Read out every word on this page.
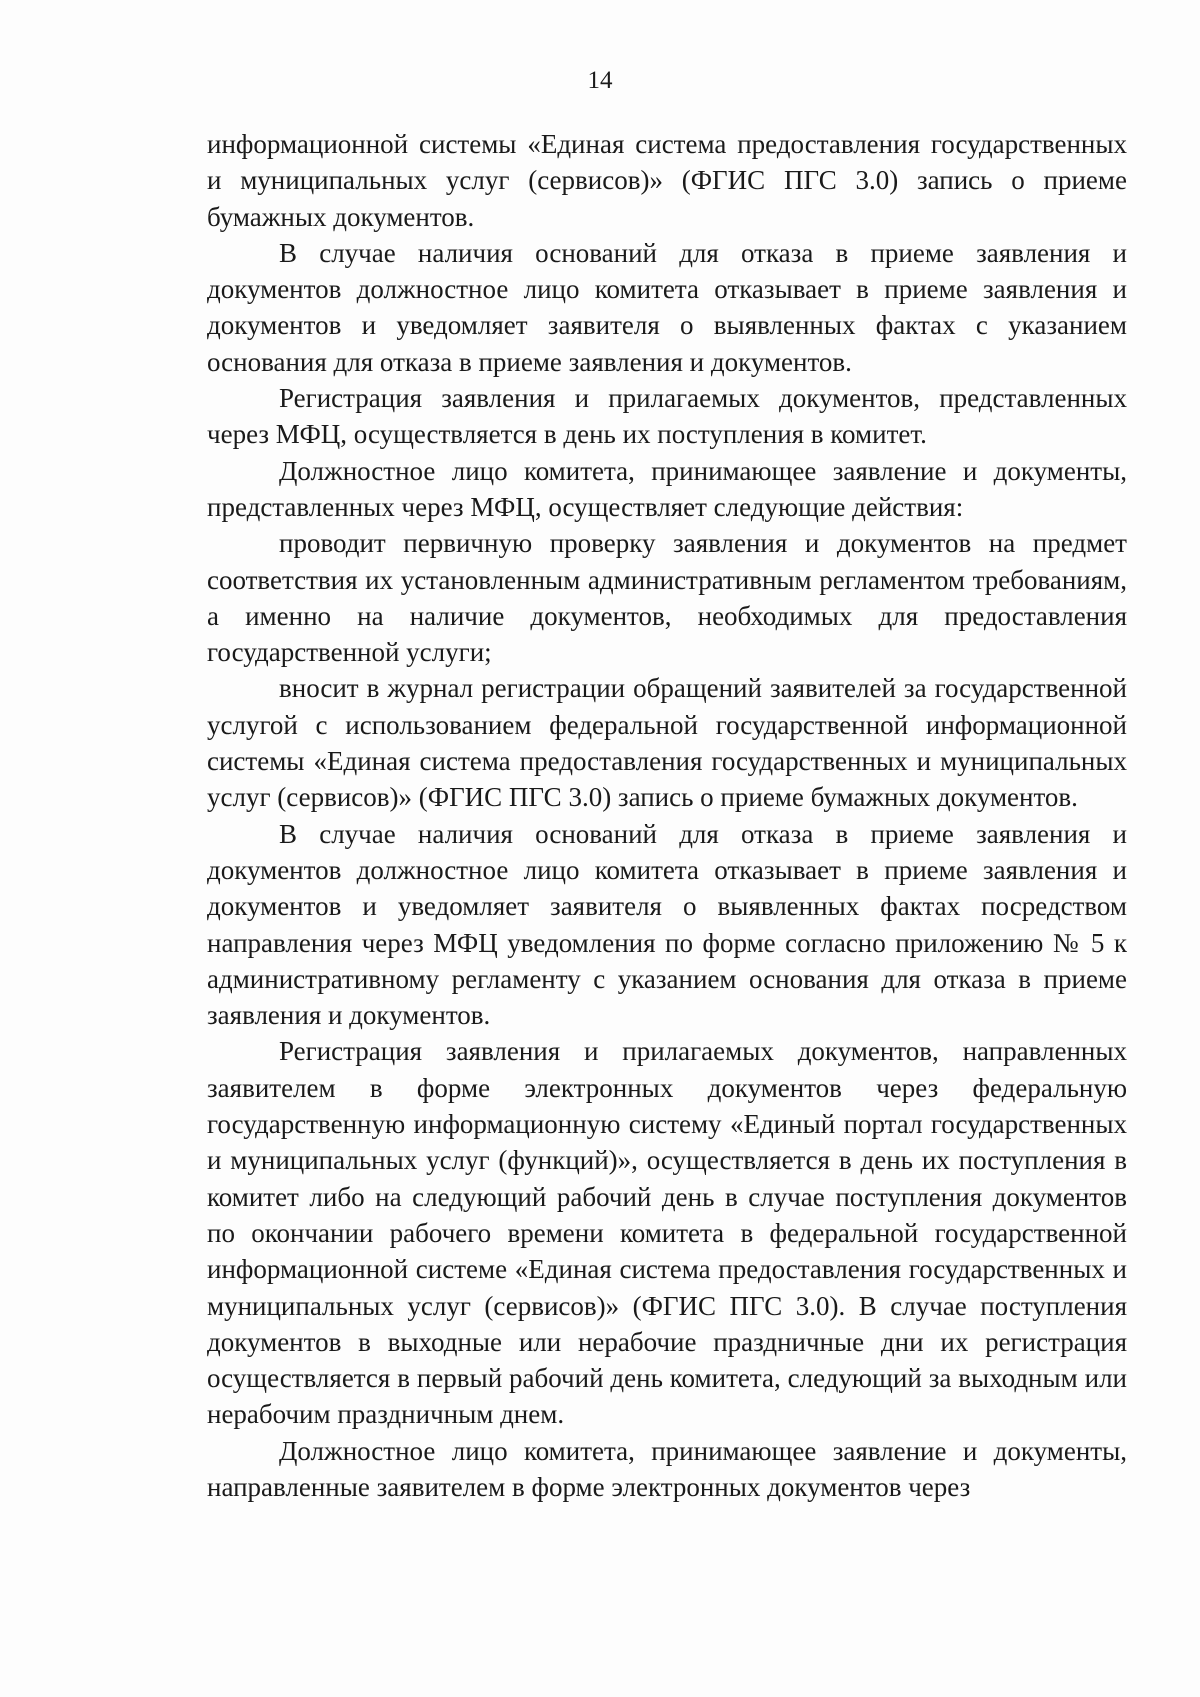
14

информационной системы «Единая система предоставления государственных и муниципальных услуг (сервисов)» (ФГИС ПГС 3.0) запись о приеме бумажных документов.

В случае наличия оснований для отказа в приеме заявления и документов должностное лицо комитета отказывает в приеме заявления и документов и уведомляет заявителя о выявленных фактах с указанием основания для отказа в приеме заявления и документов.

Регистрация заявления и прилагаемых документов, представленных через МФЦ, осуществляется в день их поступления в комитет.

Должностное лицо комитета, принимающее заявление и документы, представленных через МФЦ, осуществляет следующие действия:

проводит первичную проверку заявления и документов на предмет соответствия их установленным административным регламентом требованиям, а именно на наличие документов, необходимых для предоставления государственной услуги;

вносит в журнал регистрации обращений заявителей за государственной услугой с использованием федеральной государственной информационной системы «Единая система предоставления государственных и муниципальных услуг (сервисов)» (ФГИС ПГС 3.0) запись о приеме бумажных документов.

В случае наличия оснований для отказа в приеме заявления и документов должностное лицо комитета отказывает в приеме заявления и документов и уведомляет заявителя о выявленных фактах посредством направления через МФЦ уведомления по форме согласно приложению № 5 к административному регламенту с указанием основания для отказа в приеме заявления и документов.

Регистрация заявления и прилагаемых документов, направленных заявителем в форме электронных документов через федеральную государственную информационную систему «Единый портал государственных и муниципальных услуг (функций)», осуществляется в день их поступления в комитет либо на следующий рабочий день в случае поступления документов по окончании рабочего времени комитета в федеральной государственной информационной системе «Единая система предоставления государственных и муниципальных услуг (сервисов)» (ФГИС ПГС 3.0). В случае поступления документов в выходные или нерабочие праздничные дни их регистрация осуществляется в первый рабочий день комитета, следующий за выходным или нерабочим праздничным днем.

Должностное лицо комитета, принимающее заявление и документы, направленные заявителем в форме электронных документов через
